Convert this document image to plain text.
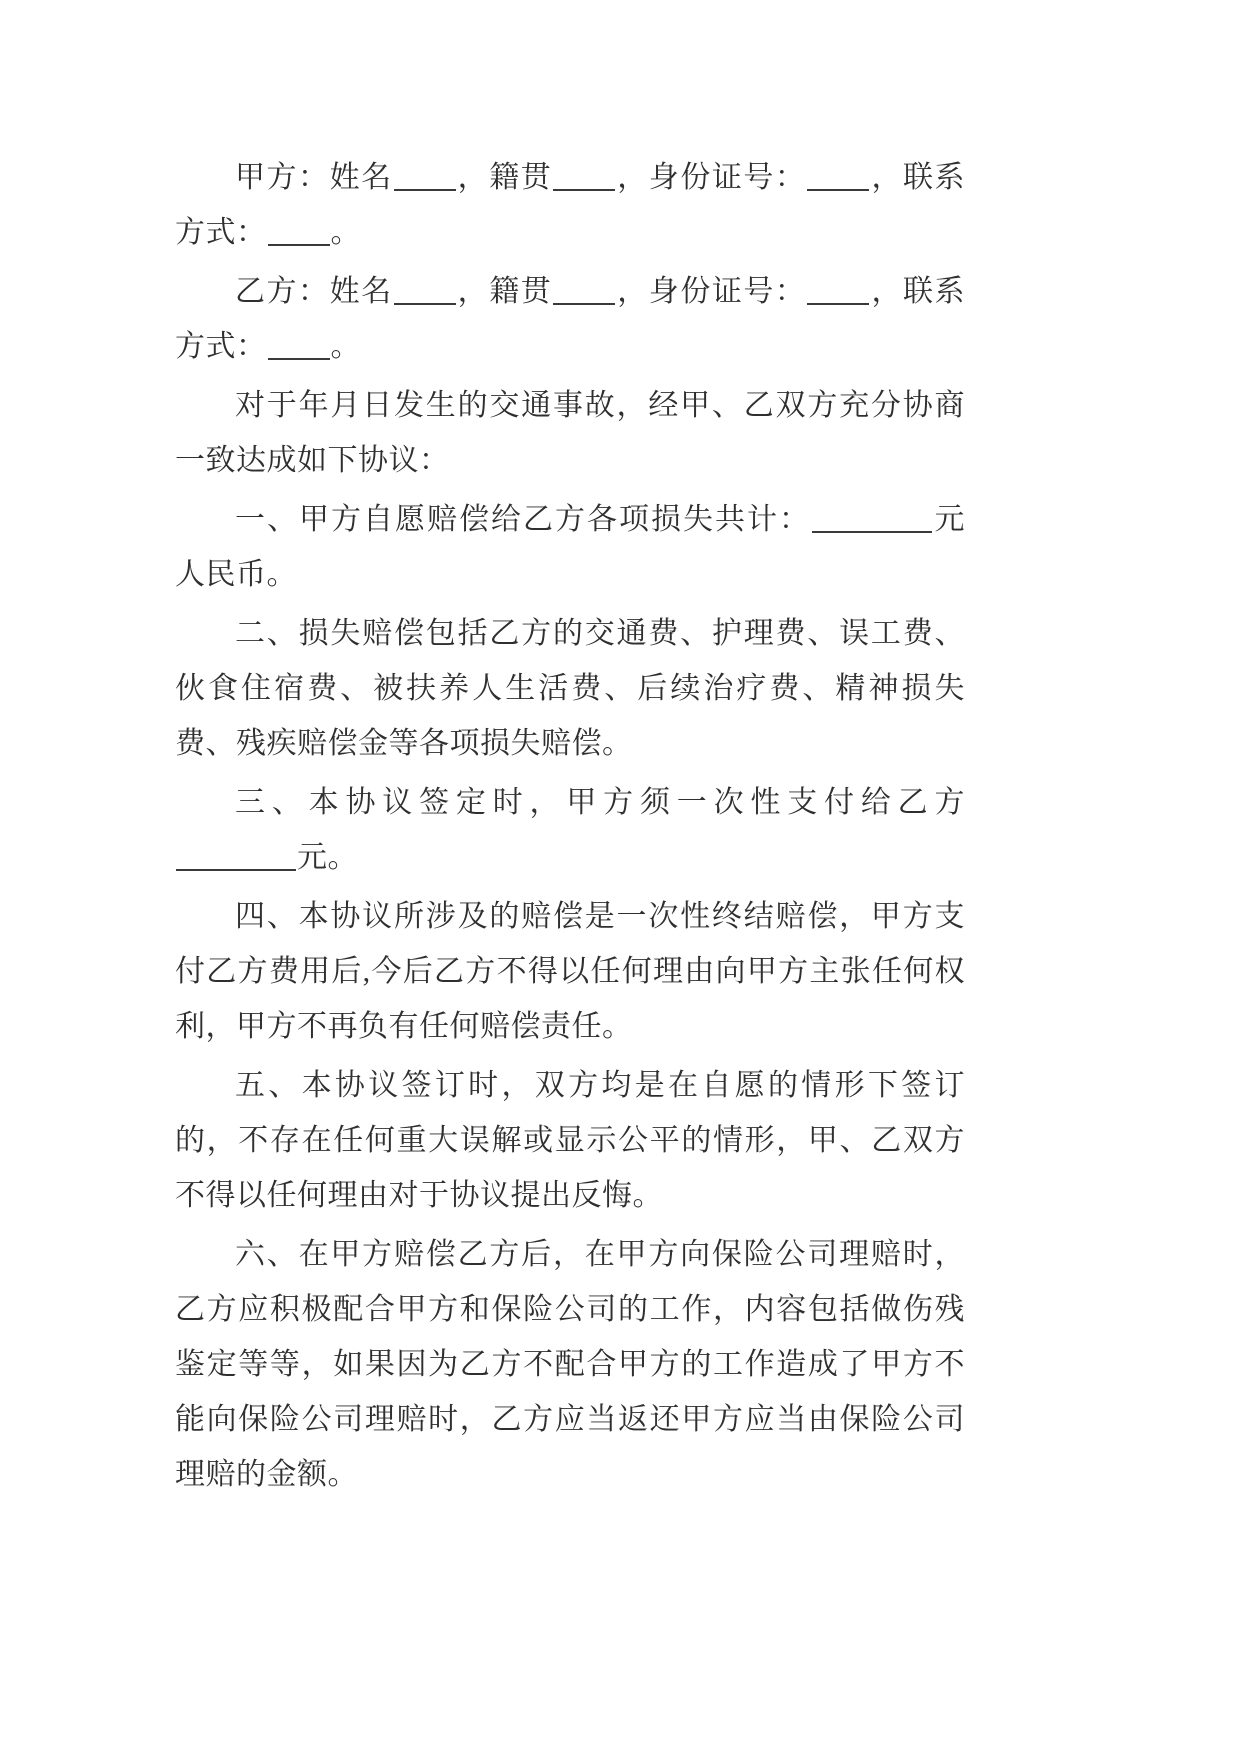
甲方：姓名 ，籍贯 ，身份证号： ，联系方式： 。

乙方：姓名 ，籍贯 ，身份证号： ，联系方式： 。

对于年月日发生的交通事故，经甲、乙双方充分协商一致达成如下协议：

一、甲方自愿赔偿给乙方各项损失共计：	元人民币。

二、损失赔偿包括乙方的交通费、护理费、误工费、伙食住宿费、被扶养人生活费、后续治疗费、精神损失费、残疾赔偿金等各项损失赔偿。

三、本协议签定时，甲方须一次性支付给乙方元。

四、本协议所涉及的赔偿是一次性终结赔偿，甲方支付乙方费用后,今后乙方不得以任何理由向甲方主张任何权利，甲方不再负有任何赔偿责任。

五、本协议签订时，双方均是在自愿的情形下签订的，不存在任何重大误解或显示公平的情形，甲、乙双方不得以任何理由对于协议提出反悔。

六、在甲方赔偿乙方后，在甲方向保险公司理赔时，乙方应积极配合甲方和保险公司的工作，内容包括做伤残鉴定等等，如果因为乙方不配合甲方的工作造成了甲方不能向保险公司理赔时，乙方应当返还甲方应当由保险公司理赔的金额。
